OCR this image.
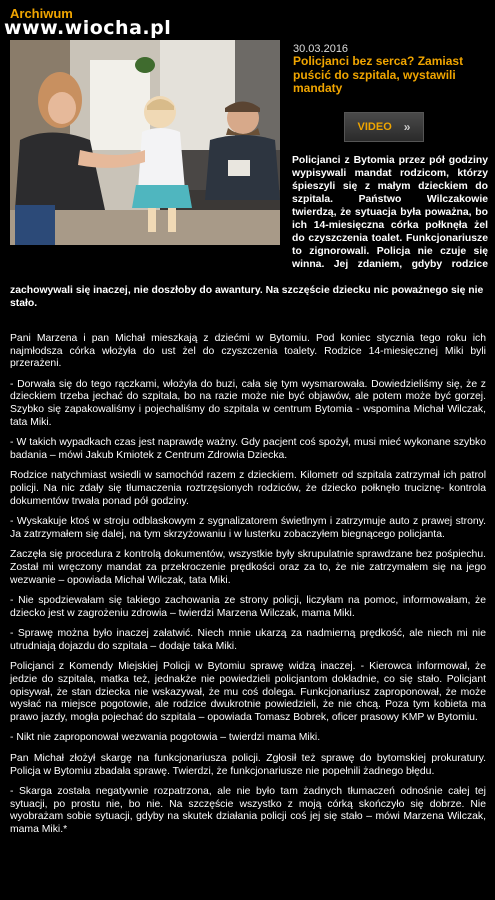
Archiwum
www.wiocha.pl
30.03.2016
Policjanci bez serca? Zamiast puścić do szpitala, wystawili mandaty
VIDEO »
Policjanci z Bytomia przez pół godziny wypisywali mandat rodzicom, którzy śpieszyli się z małym dzieckiem do szpitala. Państwo Wilczakowie twierdzą, że sytuacja była poważna, bo ich 14-miesięczna córka połknęła żel do czyszczenia toalet. Funkcjonariusze to zignorowali. Policja nie czuje się winna. Jej zdaniem, gdyby rodzice
zachowywali się inaczej, nie doszłoby do awantury. Na szczęście dziecku nic poważnego się nie stało.

Pani Marzena i pan Michał mieszkają z dziećmi w Bytomiu. Pod koniec stycznia tego roku ich najmłodsza córka włożyła do ust żel do czyszczenia toalety. Rodzice 14-miesięcznej Miki byli przerażeni.

- Dorwała się do tego rączkami, włożyła do buzi, cała się tym wysmarowała. Dowiedzieliśmy się, że z dzieckiem trzeba jechać do szpitala, bo na razie może nie być objawów, ale potem może być gorzej. Szybko się zapakowaliśmy i pojechaliśmy do szpitala w centrum Bytomia - wspomina Michał Wilczak, tata Miki.

- W takich wypadkach czas jest naprawdę ważny. Gdy pacjent coś spożył, musi mieć wykonane szybko badania – mówi Jakub Kmiotek z Centrum Zdrowia Dziecka.

Rodzice natychmiast wsiedli w samochód razem z dzieckiem. Kilometr od szpitala zatrzymał ich patrol policji. Na nic zdały się tłumaczenia roztrzęsionych rodziców, że dziecko połknęło truciznę- kontrola dokumentów trwała ponad pół godziny.

- Wyskakuje ktoś w stroju odblaskowym z sygnalizatorem świetlnym i zatrzymuje auto z prawej strony. Ja zatrzymałem się dalej, na tym skrzyżowaniu i w lusterku zobaczyłem biegnącego policjanta.

Zaczęła się procedura z kontrolą dokumentów, wszystkie były skrupulatnie sprawdzane bez pośpiechu. Został mi wręczony mandat za przekroczenie prędkości oraz za to, że nie zatrzymałem się na jego wezwanie – opowiada Michał Wilczak, tata Miki.

- Nie spodziewałam się takiego zachowania ze strony policji, liczyłam na pomoc, informowałam, że dziecko jest w zagrożeniu zdrowia – twierdzi Marzena Wilczak, mama Miki.

- Sprawę można było inaczej załatwić. Niech mnie ukarzą za nadmierną prędkość, ale niech mi nie utrudniają dojazdu do szpitala – dodaje taka Miki.

Policjanci z Komendy Miejskiej Policji w Bytomiu sprawę widzą inaczej. - Kierowca informował, że jedzie do szpitala, matka też, jednakże nie powiedzieli policjantom dokładnie, co się stało. Policjant opisywał, że stan dziecka nie wskazywał, że mu coś dolega. Funkcjonariusz zaproponował, że może wysłać na miejsce pogotowie, ale rodzice dwukrotnie powiedzieli, że nie chcą. Poza tym kobieta ma prawo jazdy, mogła pojechać do szpitala – opowiada Tomasz Bobrek, oficer prasowy KMP w Bytomiu.

- Nikt nie zaproponował wezwania pogotowia – twierdzi mama Miki.

Pan Michał złożył skargę na funkcjonariusza policji. Zgłosił też sprawę do bytomskiej prokuratury. Policja w Bytomiu zbadała sprawę. Twierdzi, że funkcjonariusze nie popełnili żadnego błędu.

- Skarga została negatywnie rozpatrzona, ale nie było tam żadnych tłumaczeń odnośnie całej tej sytuacji, po prostu nie, bo nie. Na szczęście wszystko z moją córką skończyło się dobrze. Nie wyobrażam sobie sytuacji, gdyby na skutek działania policji coś jej się stało – mówi Marzena Wilczak, mama Miki.*
